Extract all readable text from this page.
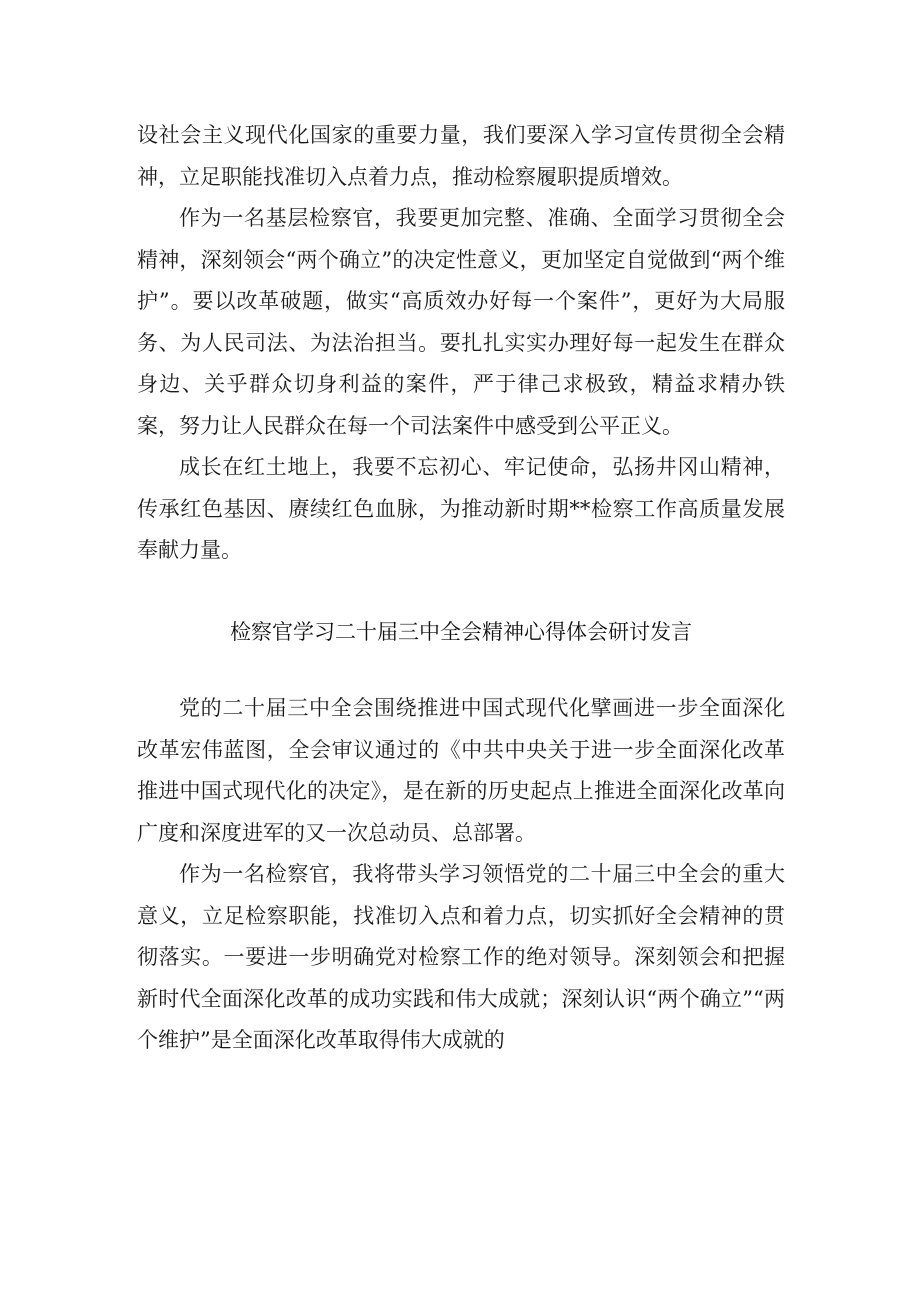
设社会主义现代化国家的重要力量，我们要深入学习宣传贯彻全会精神，立足职能找准切入点着力点，推动检察履职提质增效。

作为一名基层检察官，我要更加完整、准确、全面学习贯彻全会精神，深刻领会“两个确立”的决定性意义，更加坚定自觉做到“两个维护”。要以改革破题，做实“高质效办好每一个案件”，更好为大局服务、为人民司法、为法治担当。要扎扎实实办理好每一起发生在群众身边、关乎群众切身利益的案件，严于律己求极致，精益求精办铁案，努力让人民群众在每一个司法案件中感受到公平正义。

成长在红土地上，我要不忘初心、牢记使命，弘扬井冈山精神，传承红色基因、赓续红色血脉，为推动新时期**检察工作高质量发展奉献力量。

检察官学习二十届三中全会精神心得体会研讨发言

党的二十届三中全会围绕推进中国式现代化擘画进一步全面深化改革宏伟蓝图，全会审议通过的《中共中央关于进一步全面深化改革推进中国式现代化的决定》，是在新的历史起点上推进全面深化改革向广度和深度进军的又一次总动员、总部署。

作为一名检察官，我将带头学习领悟党的二十届三中全会的重大意义，立足检察职能，找准切入点和着力点，切实抓好全会精神的贯彻落实。一要进一步明确党对检察工作的绝对领导。深刻领会和把握新时代全面深化改革的成功实践和伟大成就；深刻认识“两个确立”“两个维护”是全面深化改革取得伟大成就的
